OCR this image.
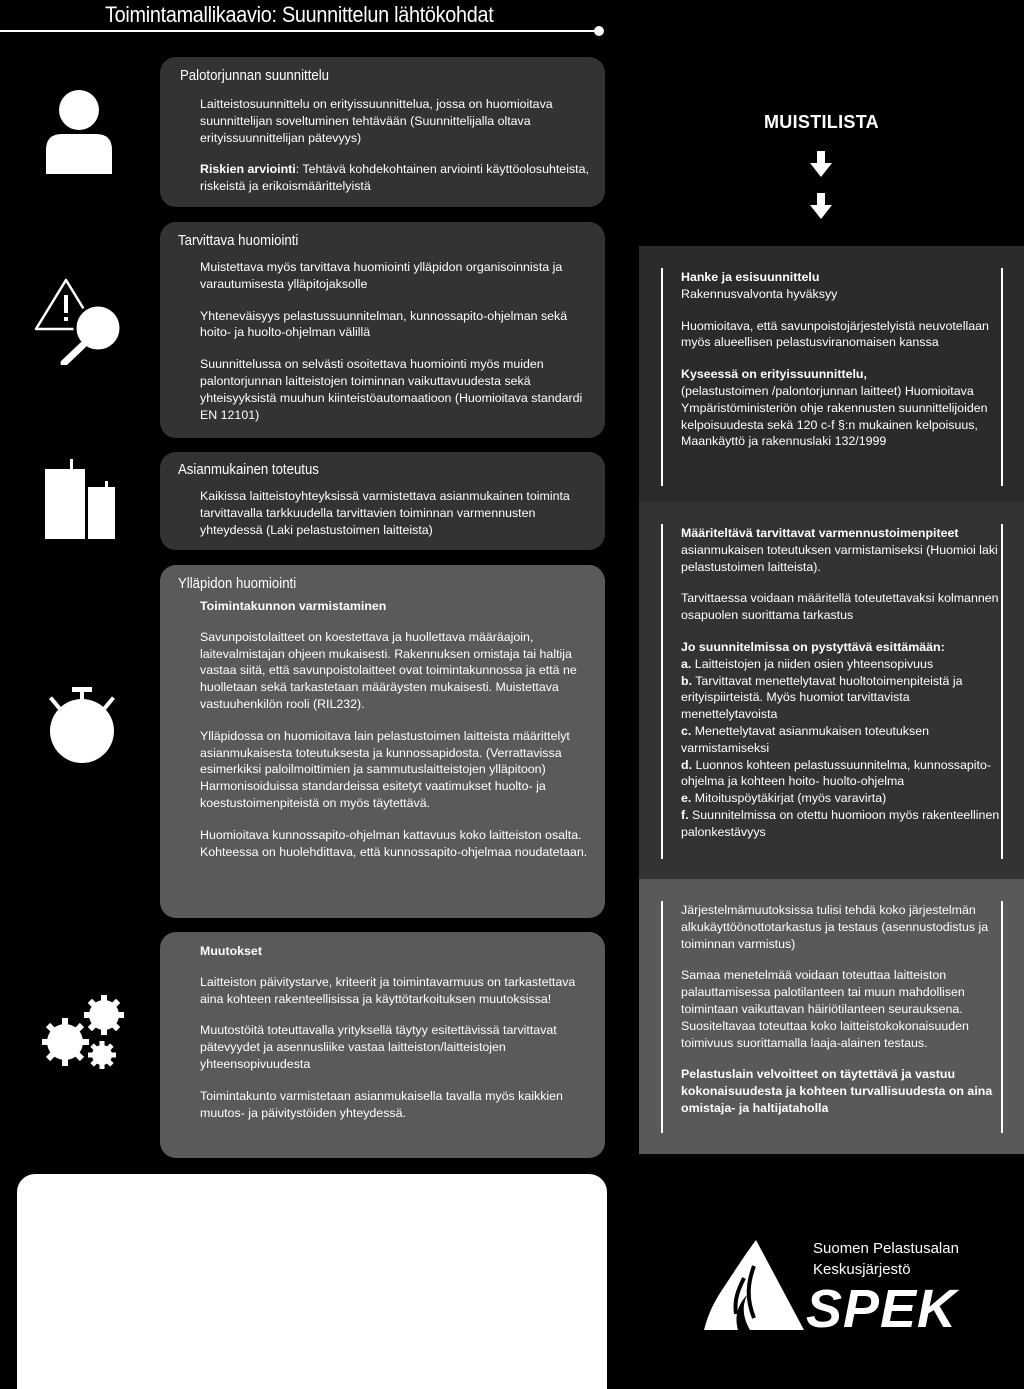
Toimintamallikaavio: Suunnittelun lähtökohdat
Palotorjunnan suunnittelu

Laitteistosuunnittelu on erityissuunnittelua, jossa on huomioitava suunnittelijan soveltuminen tehtävään (Suunnittelijalla oltava erityissuunnittelijan pätevyys)

Riskien arviointi: Tehtävä kohdekohtainen arviointi käyttöolosuhteista, riskeistä ja erikoismäärittelyistä

Tarvittava huomiointi

Muistettava myös tarvittava huomiointi ylläpidon organisoinnista ja varautumisesta ylläpitojaksolle

Yhteneväisyys pelastussuunnitelman, kunnossapito-ohjelman sekä hoito- ja huolto-ohjelman välillä

Suunnittelussa on selvästi osoitettava huomiointi myös muiden palontorjunnan laitteistojen toiminnan vaikuttavuudesta sekä yhteisyyksistä muuhun kiinteistöautomaatioon (Huomioitava standardi EN 12101)

Asianmukainen toteutus

Kaikissa laitteistoyhteyksissä varmistettava asianmukainen toiminta tarvittavalla tarkkuudella tarvittavien toiminnan varmennusten yhteydessä (Laki pelastustoimen laitteista)

Ylläpidon huomiointi

Toimintakunnon varmistaminen

Savunpoistolaitteet on koestettava ja huollettava määräajoin, laitevalmistajan ohjeen mukaisesti. Rakennuksen omistaja tai haltija vastaa siitä, että savunpoistolaitteet ovat toimintakunnossa ja että ne huolletaan sekä tarkastetaan määräysten mukaisesti. Muistettava vastuuhenkilön rooli (RIL232).

Ylläpidossa on huomioitava lain pelastustoimen laitteista määrittelyt asianmukaisesta toteutuksesta ja kunnossapidosta. (Verrattavissa esimerkiksi paloilmoittimien ja sammutuslaitteistojen ylläpitoon) Harmonisoiduissa standardeissa esitetyt vaatimukset huolto- ja koestustoimenpiteistä on myös täytettävä.

Huomioitava kunnossapito-ohjelman kattavuus koko laitteiston osalta. Kohteessa on huolehdittava, että kunnossapito-ohjelmaa noudatetaan.

Muutokset

Laitteiston päivitystarve, kriteerit ja toimintavarmuus on tarkastettava aina kohteen rakenteellisissa ja käyttötarkoituksen muutoksissa!

Muutostöitä toteuttavalla yrityksellä täytyy esitettävissä tarvittavat pätevyydet ja asennusliike vastaa laitteiston/laitteistojen yhteensopivuudesta

Toimintakunto varmistetaan asianmukaisella tavalla myös kaikkien muutos- ja päivitystöiden yhteydessä.

MUISTILISTA

Hanke ja esisuunnittelu
Rakennusvalvonta hyväksyy

Huomioitava, että savunpoistojärjestelyistä neuvotellaan myös alueellisen pelastusviranomaisen kanssa

Kyseessä on erityissuunnittelu,
(pelastustoimen /palontorjunnan laitteet) Huomioitava Ympäristöministeriön ohje rakennusten suunnittelijoiden kelpoisuudesta sekä 120 c-f §:n mukainen kelpoisuus, Maankäyttö ja rakennuslaki 132/1999

Määriteltävä tarvittavat varmennustoimenpiteet
asianmukaisen toteutuksen varmistamiseksi (Huomioi laki pelastustoimen laitteista).

Tarvittaessa voidaan määritellä toteutettavaksi kolmannen osapuolen suorittama tarkastus

Jo suunnitelmissa on pystyttävä esittämään:
a. Laitteistojen ja niiden osien yhteensopivuus
b. Tarvittavat menettelytavat huoltotoimenpiteistä ja erityispiirteistä. Myös huomiot tarvittavista menettelytavoista
c. Menettelytavat asianmukaisen toteutuksen varmistamiseksi
d. Luonnos kohteen pelastussuunnitelma, kunnossapito-ohjelma ja kohteen hoito- huolto-ohjelma
e. Mitoituspöytäkirjat (myös varavirta)
f. Suunnitelmissa on otettu huomioon myös rakenteellinen palonkestävyys

Järjestelmämuutoksissa tulisi tehdä koko järjestelmän alkukäyttöönottotarkastus ja testaus (asennustodistus ja toiminnan varmistus)

Samaa menetelmää voidaan toteuttaa laitteiston palauttamisessa palotilanteen tai muun mahdollisen toimintaan vaikuttavan häiriötilanteen seurauksena. Suositeltavaa toteuttaa koko laitteistokokonaisuuden toimivuus suorittamalla laaja-alainen testaus.

Pelastuslain velvoitteet on täytettävä ja vastuu kokonaisuudesta ja kohteen turvallisuudesta on aina omistaja- ja haltijataholla

Suomen Pelastusalan
Keskusjärjestö
SPEK
